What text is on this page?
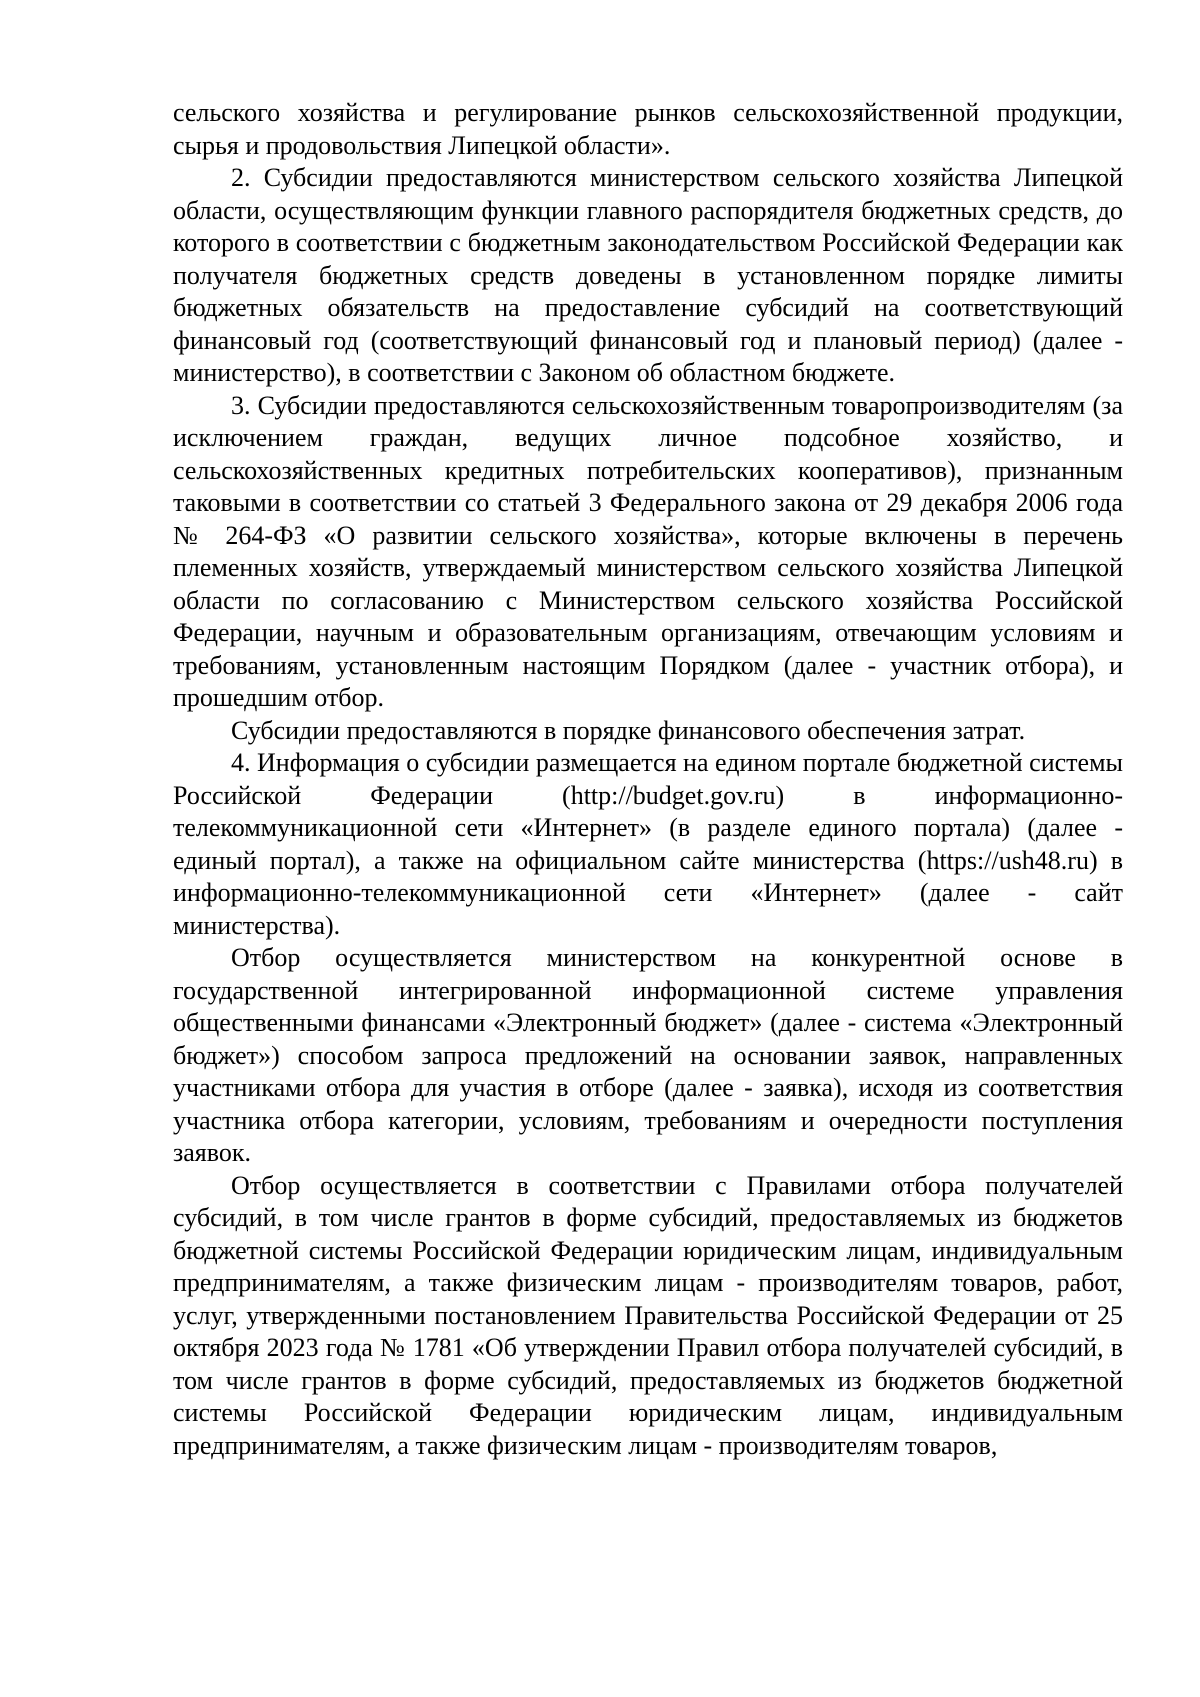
сельского хозяйства и регулирование рынков сельскохозяйственной продукции, сырья и продовольствия Липецкой области».

2. Субсидии предоставляются министерством сельского хозяйства Липецкой области, осуществляющим функции главного распорядителя бюджетных средств, до которого в соответствии с бюджетным законодательством Российской Федерации как получателя бюджетных средств доведены в установленном порядке лимиты бюджетных обязательств на предоставление субсидий на соответствующий финансовый год (соответствующий финансовый год и плановый период) (далее - министерство), в соответствии с Законом об областном бюджете.

3. Субсидии предоставляются сельскохозяйственным товаропроизводителям (за исключением граждан, ведущих личное подсобное хозяйство, и сельскохозяйственных кредитных потребительских кооперативов), признанным таковыми в соответствии со статьей 3 Федерального закона от 29 декабря 2006 года № 264-ФЗ «О развитии сельского хозяйства», которые включены в перечень племенных хозяйств, утверждаемый министерством сельского хозяйства Липецкой области по согласованию с Министерством сельского хозяйства Российской Федерации, научным и образовательным организациям, отвечающим условиям и требованиям, установленным настоящим Порядком (далее - участник отбора), и прошедшим отбор.

Субсидии предоставляются в порядке финансового обеспечения затрат.

4. Информация о субсидии размещается на едином портале бюджетной системы Российской Федерации (http://budget.gov.ru) в информационно-телекоммуникационной сети «Интернет» (в разделе единого портала) (далее - единый портал), а также на официальном сайте министерства (https://ush48.ru) в информационно-телекоммуникационной сети «Интернет» (далее - сайт министерства).

Отбор осуществляется министерством на конкурентной основе в государственной интегрированной информационной системе управления общественными финансами «Электронный бюджет» (далее - система «Электронный бюджет») способом запроса предложений на основании заявок, направленных участниками отбора для участия в отборе (далее - заявка), исходя из соответствия участника отбора категории, условиям, требованиям и очередности поступления заявок.

Отбор осуществляется в соответствии с Правилами отбора получателей субсидий, в том числе грантов в форме субсидий, предоставляемых из бюджетов бюджетной системы Российской Федерации юридическим лицам, индивидуальным предпринимателям, а также физическим лицам - производителям товаров, работ, услуг, утвержденными постановлением Правительства Российской Федерации от 25 октября 2023 года № 1781 «Об утверждении Правил отбора получателей субсидий, в том числе грантов в форме субсидий, предоставляемых из бюджетов бюджетной системы Российской Федерации юридическим лицам, индивидуальным предпринимателям, а также физическим лицам - производителям товаров,
